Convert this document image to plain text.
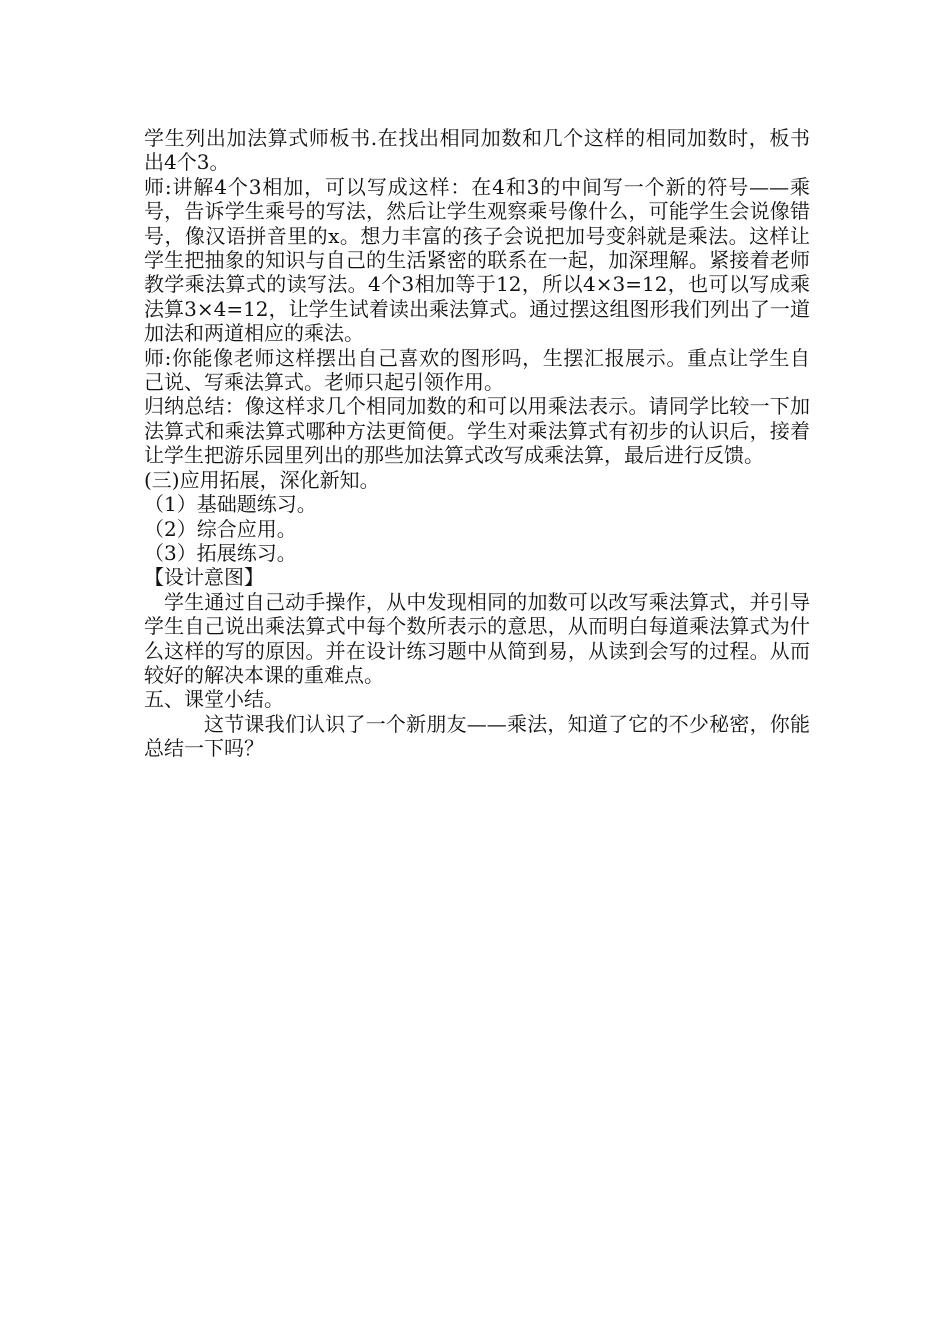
学生列出加法算式师板书.在找出相同加数和几个这样的相同加数时，板书出4个3。

师:讲解4个3相加，可以写成这样：在4和3的中间写一个新的符号——乘号，告诉学生乘号的写法，然后让学生观察乘号像什么，可能学生会说像错号，像汉语拼音里的x。想力丰富的孩子会说把加号变斜就是乘法。这样让学生把抽象的知识与自己的生活紧密的联系在一起，加深理解。紧接着老师教学乘法算式的读写法。4个3相加等于12，所以4×3=12，也可以写成乘法算3×4=12，让学生试着读出乘法算式。通过摆这组图形我们列出了一道加法和两道相应的乘法。

师:你能像老师这样摆出自己喜欢的图形吗，生摆汇报展示。重点让学生自己说、写乘法算式。老师只起引领作用。

归纳总结：像这样求几个相同加数的和可以用乘法表示。请同学比较一下加法算式和乘法算式哪种方法更简便。学生对乘法算式有初步的认识后，接着让学生把游乐园里列出的那些加法算式改写成乘法算，最后进行反馈。

(三)应用拓展，深化新知。

（1）基础题练习。

（2）综合应用。

（3）拓展练习。

【设计意图】

学生通过自己动手操作，从中发现相同的加数可以改写乘法算式，并引导学生自己说出乘法算式中每个数所表示的意思，从而明白每道乘法算式为什么这样的写的原因。并在设计练习题中从简到易，从读到会写的过程。从而较好的解决本课的重难点。

五、课堂小结。

这节课我们认识了一个新朋友——乘法，知道了它的不少秘密，你能总结一下吗？
